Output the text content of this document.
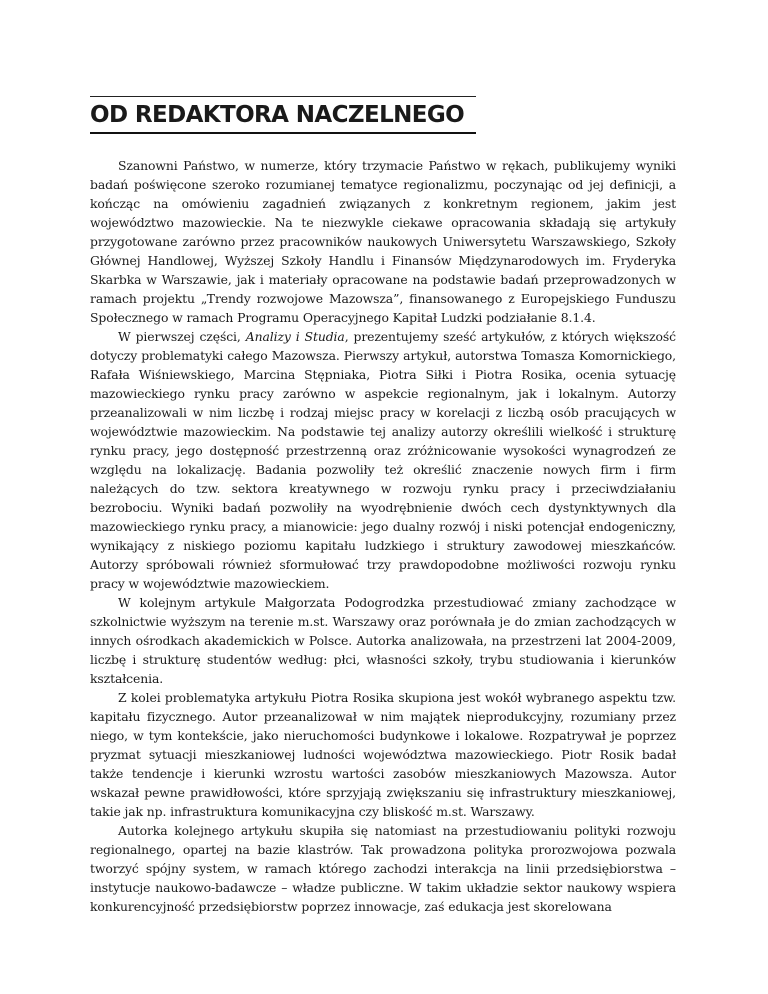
OD REDAKTORA NACZELNEGO

Szanowni Państwo, w numerze, który trzymacie Państwo w rękach, publikujemy wyniki badań poświęcone szeroko rozumianej tematyce regionalizmu, poczynając od jej definicji, a kończąc na omówieniu zagadnień związanych z konkretnym regionem, jakim jest województwo mazowieckie. Na te niezwykle ciekawe opracowania składają się artykuły przygotowane zarówno przez pracowników naukowych Uniwersytetu Warszawskiego, Szkoły Głównej Handlowej, Wyższej Szkoły Handlu i Finansów Międzynarodowych im. Fryderyka Skarbka w Warszawie, jak i materiały opracowane na podstawie badań przeprowadzonych w ramach projektu „Trendy rozwojowe Mazowsza”, finansowanego z Europejskiego Funduszu Społecznego w ramach Programu Operacyjnego Kapitał Ludzki podziałanie 8.1.4.

W pierwszej części, Analizy i Studia, prezentujemy sześć artykułów, z których większość dotyczy problematyki całego Mazowsza. Pierwszy artykuł, autorstwa Tomasza Komornickiego, Rafała Wiśniewskiego, Marcina Stępniaka, Piotra Siłki i Piotra Rosika, ocenia sytuację mazowieckiego rynku pracy zarówno w aspekcie regionalnym, jak i lokalnym. Autorzy przeanalizowali w nim liczbę i rodzaj miejsc pracy w korelacji z liczbą osób pracujących w województwie mazowieckim. Na podstawie tej analizy autorzy określili wielkość i strukturę rynku pracy, jego dostępność przestrzenną oraz zróżnicowanie wysokości wynagrodzeń ze względu na lokalizację. Badania pozwoliły też określić znaczenie nowych firm i firm należących do tzw. sektora kreatywnego w rozwoju rynku pracy i przeciwdziałaniu bezrobociu. Wyniki badań pozwoliły na wyodrębnienie dwóch cech dystynktywnych dla mazowieckiego rynku pracy, a mianowicie: jego dualny rozwój i niski potencjał endogeniczny, wynikający z niskiego poziomu kapitału ludzkiego i struktury zawodowej mieszkańców. Autorzy spróbowali również sformułować trzy prawdopodobne możliwości rozwoju rynku pracy w województwie mazowieckiem.

W kolejnym artykule Małgorzata Podogrodzka przestudiować zmiany zachodzące w szkolnictwie wyższym na terenie m.st. Warszawy oraz porównała je do zmian zachodzących w innych ośrodkach akademickich w Polsce. Autorka analizowała, na przestrzeni lat 2004-2009, liczbę i strukturę studentów według: płci, własności szkoły, trybu studiowania i kierunków kształcenia.

Z kolei problematyka artykułu Piotra Rosika skupiona jest wokół wybranego aspektu tzw. kapitału fizycznego. Autor przeanalizował w nim majątek nieprodukcyjny, rozumiany przez niego, w tym kontekście, jako nieruchomości budynkowe i lokalowe. Rozpatrywał je poprzez pryzmat sytuacji mieszkaniowej ludności województwa mazowieckiego. Piotr Rosik badał także tendencje i kierunki wzrostu wartości zasobów mieszkaniowych Mazowsza. Autor wskazał pewne prawidłowości, które sprzyjają zwiększaniu się infrastruktury mieszkaniowej, takie jak np. infrastruktura komunikacyjna czy bliskość m.st. Warszawy.

Autorka kolejnego artykułu skupiła się natomiast na przestudiowaniu polityki rozwoju regionalnego, opartej na bazie klastrów. Tak prowadzona polityka prorozwojowa pozwala tworzyć spójny system, w ramach którego zachodzi interakcja na linii przedsiębiorstwa – instytucje naukowo-badawcze – władze publiczne. W takim układzie sektor naukowy wspiera konkurencyjność przedsiębiorstw poprzez innowacje, zaś edukacja jest skorelowana
